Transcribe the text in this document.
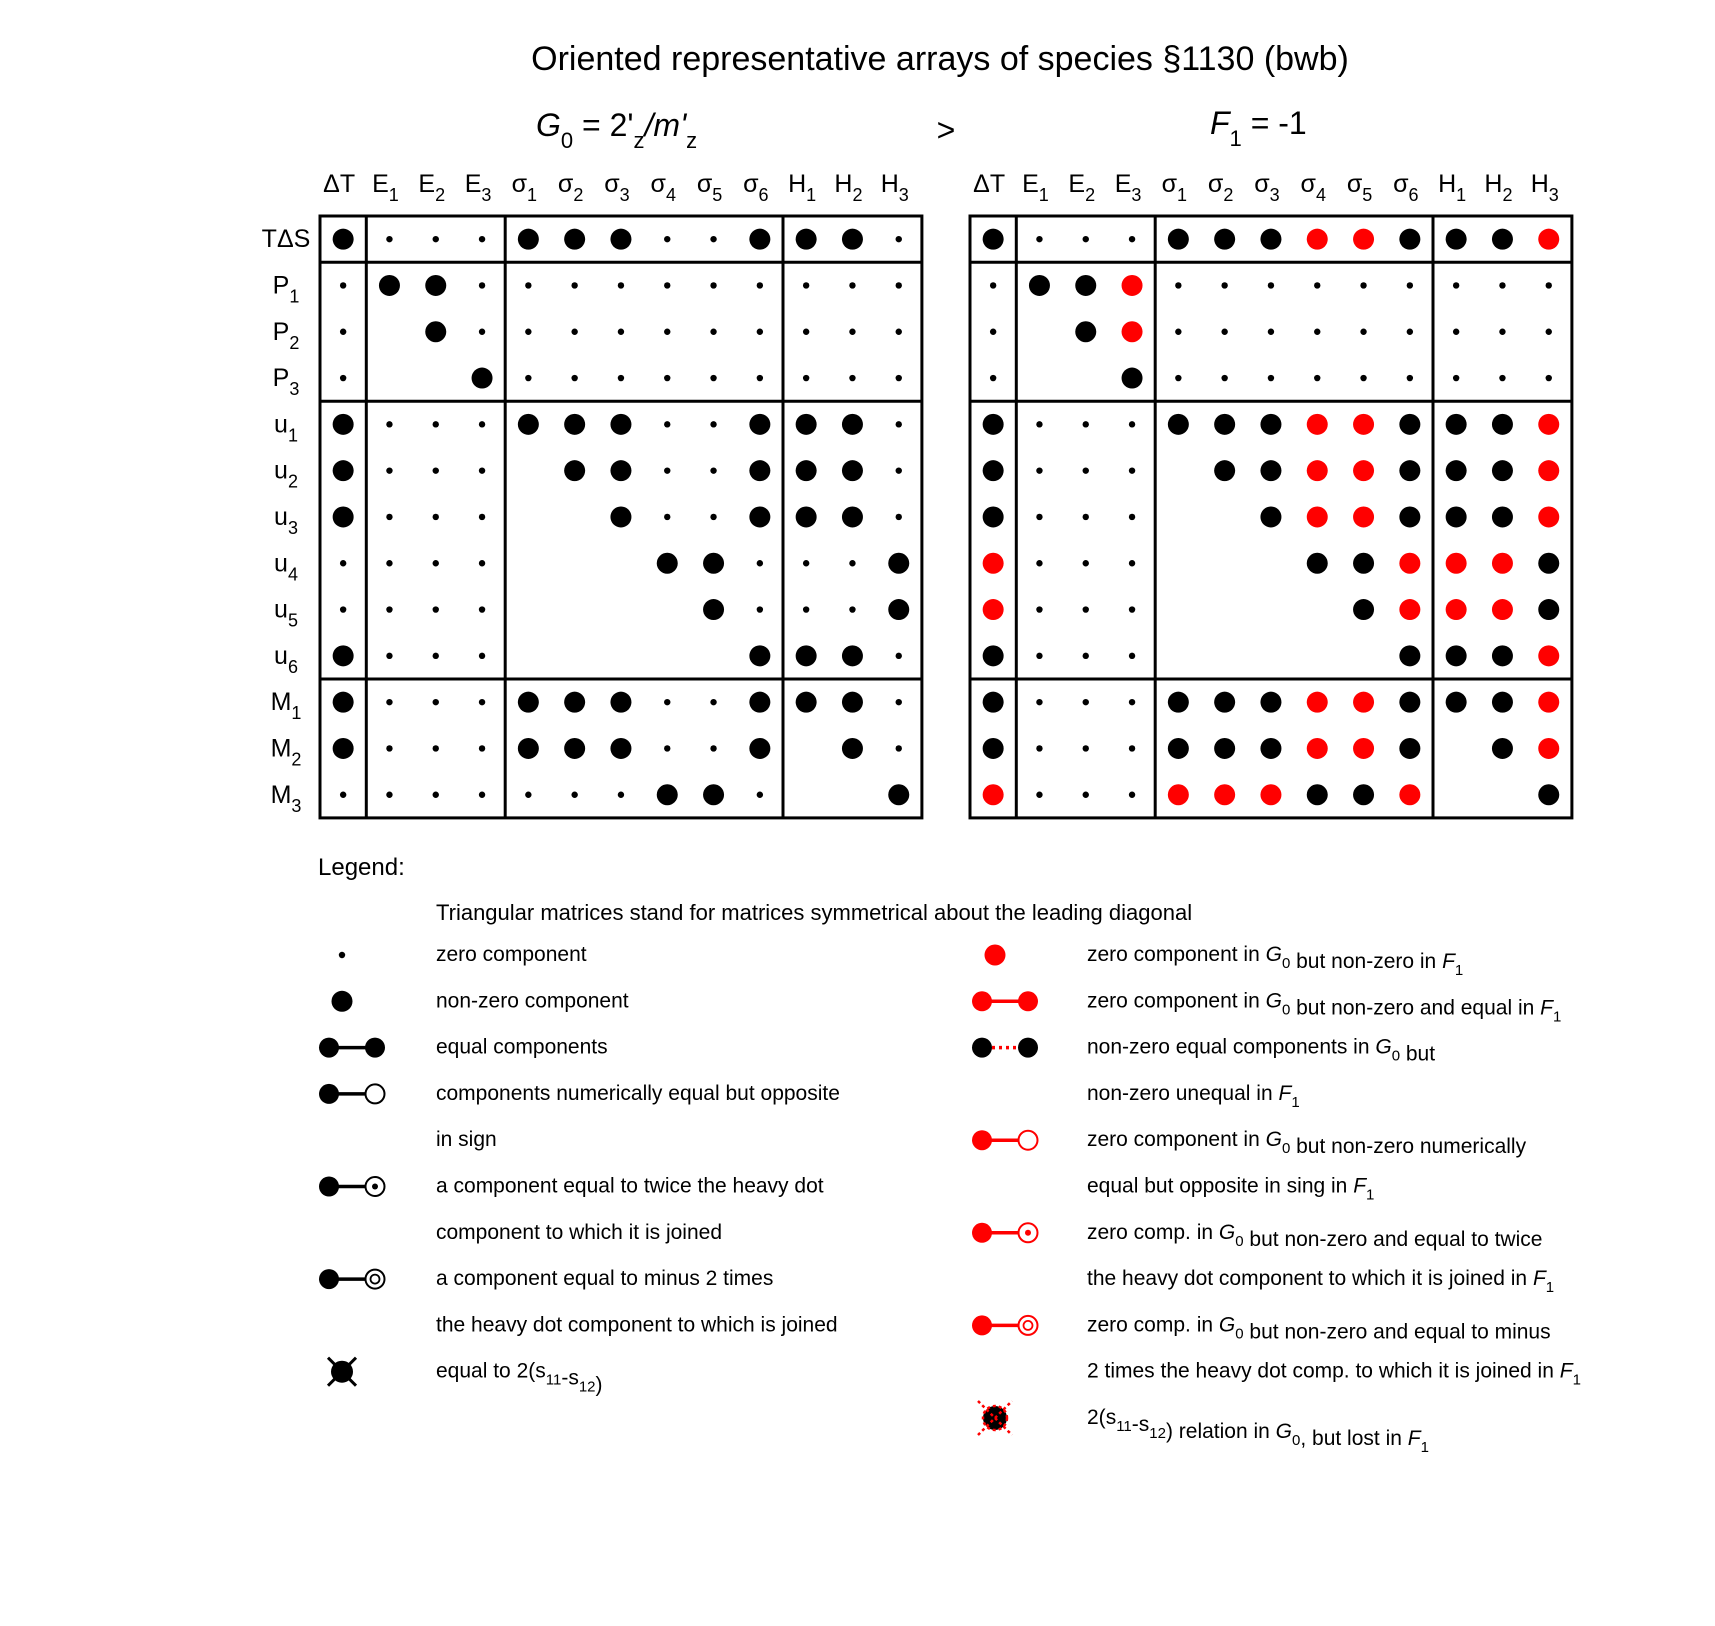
Oriented representative arrays of species §1130 (bwb)
$G_0 = 2'_z/m'_z$	>	$F_1 = -1$
ΔT $E_1$ $E_2$ $E_3$ $\sigma_1$ $\sigma_2$ $\sigma_3$ $\sigma_4$ $\sigma_5$ $\sigma_6$ $H_1$ $H_2$ $H_3$
TΔS
$P_1$
$P_2$
$P_3$
$u_1$
$u_2$
$u_3$
$u_4$
$u_5$
$u_6$
$M_1$
$M_2$
$M_3$
ΔT $E_1$ $E_2$ $E_3$ $\sigma_1$ $\sigma_2$ $\sigma_3$ $\sigma_4$ $\sigma_5$ $\sigma_6$ $H_1$ $H_2$ $H_3$
Legend:
Triangular matrices stand for matrices symmetrical about the leading diagonal
zero component
non-zero component
equal components
components numerically equal but opposite
in sign
a component equal to twice the heavy dot
component to which it is joined
a component equal to minus 2 times
the heavy dot component to which is joined
equal to $2(s_{11}-s_{12})$
zero component in $G_0$ but non-zero in $F_1$
zero component in $G_0$ but non-zero and equal in $F_1$
non-zero equal components in $G_0$ but
non-zero unequal in $F_1$
zero component in $G_0$ but non-zero numerically
equal but opposite in sing in $F_1$
zero comp. in $G_0$ but non-zero and equal to twice
the heavy dot component to which it is joined in $F_1$
zero comp. in $G_0$ but non-zero and equal to minus
2 times the heavy dot comp. to which it is joined in $F_1$
$2(s_{11}-s_{12})$ relation in $G_0$, but lost in $F_1$
